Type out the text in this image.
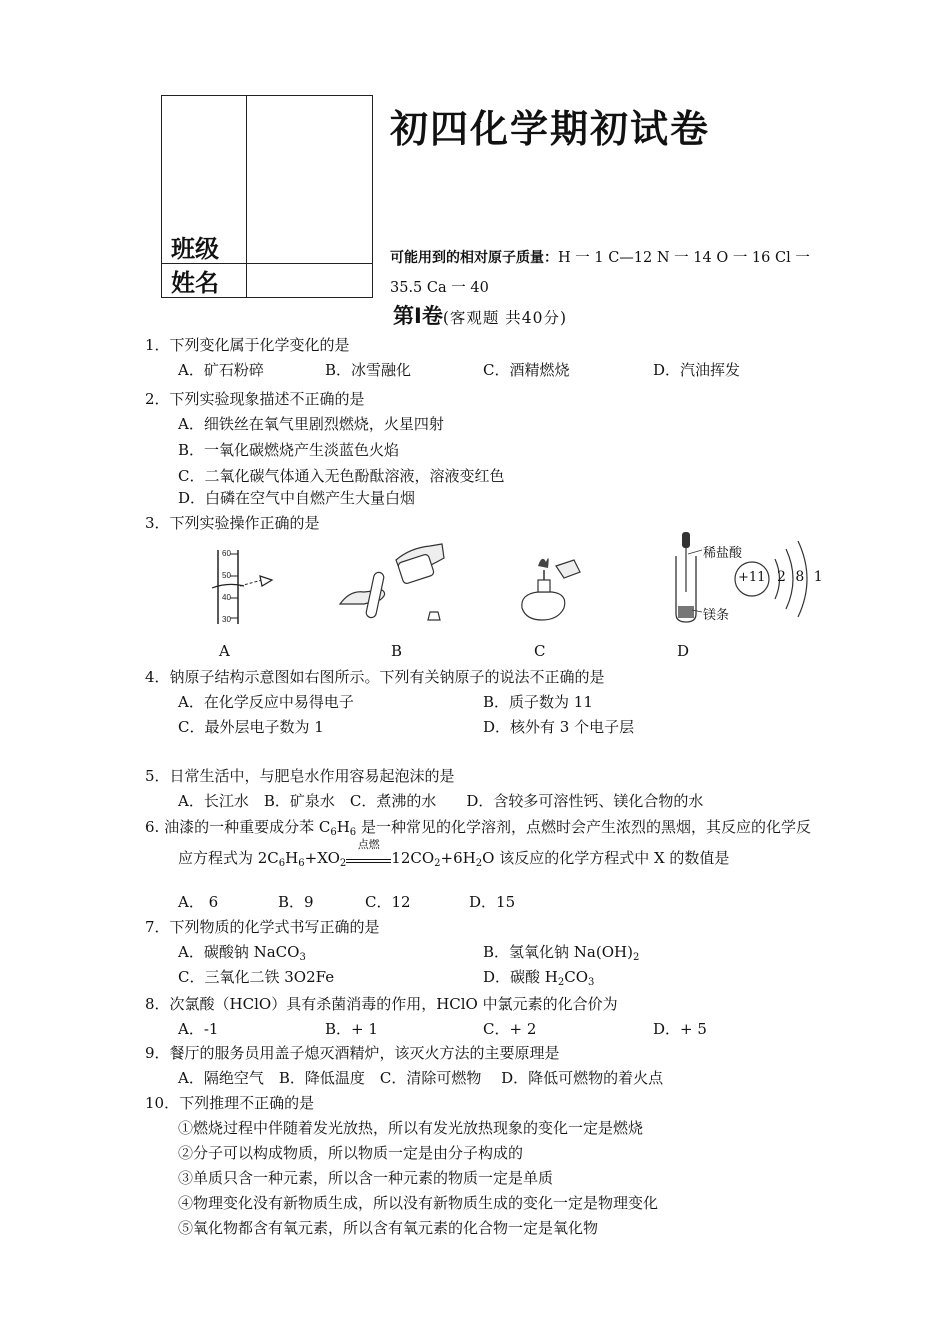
班级
姓名
初四化学期初试卷
可能用到的相对原子质量：H 一 1 C—12 N 一 14 O 一 16 Cl 一
35.5 Ca 一 40
第Ⅰ卷(客观题 共40分)
1．下列变化属于化学变化的是
A．矿石粉碎	B．冰雪融化	C．酒精燃烧	D．汽油挥发
2．下列实验现象描述不正确的是
A．细铁丝在氧气里剧烈燃烧，火星四射
B．一氧化碳燃烧产生淡蓝色火焰
C．二氧化碳气体通入无色酚酞溶液，溶液变红色
D．白磷在空气中自燃产生大量白烟
3．下列实验操作正确的是
60
50
40
30
稀盐酸
镁条
+11 2 8 1
A	B	C	D
4．钠原子结构示意图如右图所示。下列有关钠原子的说法不正确的是
A．在化学反应中易得电子	B．质子数为 11
C．最外层电子数为 1	D．核外有 3 个电子层
5．日常生活中，与肥皂水作用容易起泡沫的是
A．长江水　B．矿泉水　C．煮沸的水　　D．含较多可溶性钙、镁化合物的水
6. 油漆的一种重要成分苯 $C_6H_6$ 是一种常见的化学溶剂，点燃时会产生浓烈的黑烟，其反应的化学反
应方程式为 $2C_6H_6+XO_2$
点燃
$12CO_2+6H_2O$ 该反应的化学方程式中 X 的数值是
A． 6	B．9	C．12	D．15
7．下列物质的化学式书写正确的是
A．碳酸钠 NaCO$_3$	B．氢氧化钠 $Na(OH)_2$
C．三氧化二铁 3O2Fe	D．碳酸 $H_2CO_3$
8．次氯酸（HClO）具有杀菌消毒的作用，HClO 中氯元素的化合价为
A．-1	B．+ 1	C．+ 2	D．+ 5
9．餐厅的服务员用盖子熄灭酒精炉，该灭火方法的主要原理是
A．隔绝空气　B．降低温度　C．清除可燃物　 D．降低可燃物的着火点
10．下列推理不正确的是
①燃烧过程中伴随着发光放热，所以有发光放热现象的变化一定是燃烧
②分子可以构成物质，所以物质一定是由分子构成的
③单质只含一种元素，所以含一种元素的物质一定是单质
④物理变化没有新物质生成，所以没有新物质生成的变化一定是物理变化
⑤氧化物都含有氧元素，所以含有氧元素的化合物一定是氧化物
